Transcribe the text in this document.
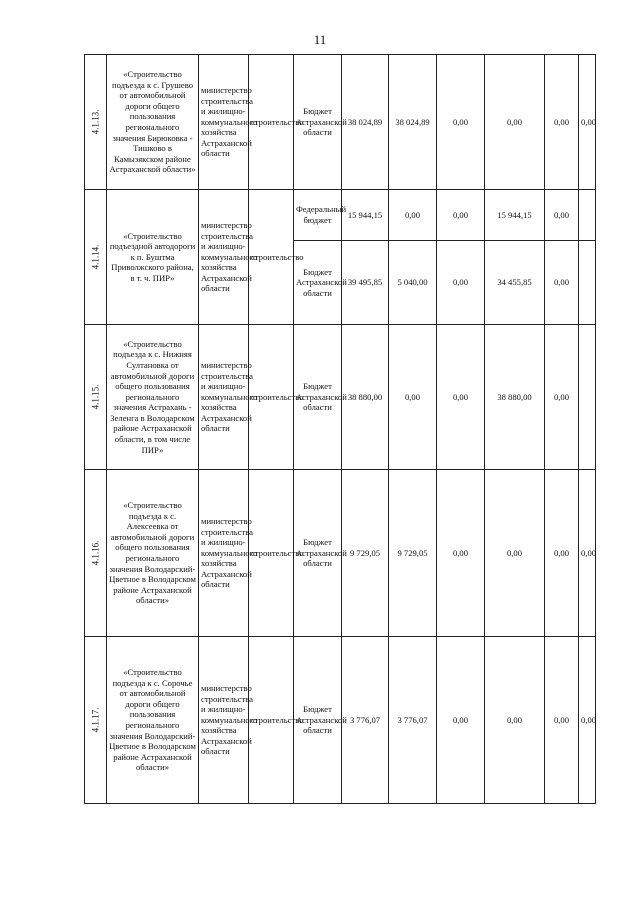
11
4.1.13.	«Строительство подъезда к с. Грушево от автомобильной дороги общего пользования регионального значения Бирюковка - Тишково в Камызякском районе Астраханской области»	министерство строительства и жилищно-коммунального хозяйства Астраханской области	строительство	Бюджет Астраханской области	38 024,89	38 024,89	0,00	0,00	0,00	0,00	

4.1.14.	«Строительство подъездной автодороги к п. Буштма Приволжского района, в т. ч. ПИР»	министерство строительства и жилищно-коммунального хозяйства Астраханской области	строительство	Федеральный бюджет	15 944,15	0,00	0,00	15 944,15	0,00		
				Бюджет Астраханской области	39 495,85	5 040,00	0,00	34 455,85	0,00		

4.1.15.	«Строительство подъезда к с. Нижняя Султановка от автомобильной дороги общего пользования регионального значения Астрахань - Зеленга в Володарском районе Астраханской области, в том числе ПИР»	министерство строительства и жилищно-коммунального хозяйства Астраханской области	строительство	Бюджет Астраханской области	38 880,00	0,00	0,00	38 880,00	0,00		

4.1.16.	«Строительство подъезда к с. Алексеевка от автомобильной дороги общего пользования регионального значения Володарский-Цветное в Володарском районе Астраханской области»	министерство строительства и жилищно-коммунального хозяйства Астраханской области	строительство	Бюджет Астраханской области	9 729,05	9 729,05	0,00	0,00	0,00	0,00	

4.1.17.	«Строительство подъезда к с. Сорочье от автомобильной дороги общего пользования регионального значения Володарский-Цветное в Володарском районе Астраханской области»	министерство строительства и жилищно-коммунального хозяйства Астраханской области	строительство	Бюджет Астраханской области	3 776,07	3 776,07	0,00	0,00	0,00	0,00	
